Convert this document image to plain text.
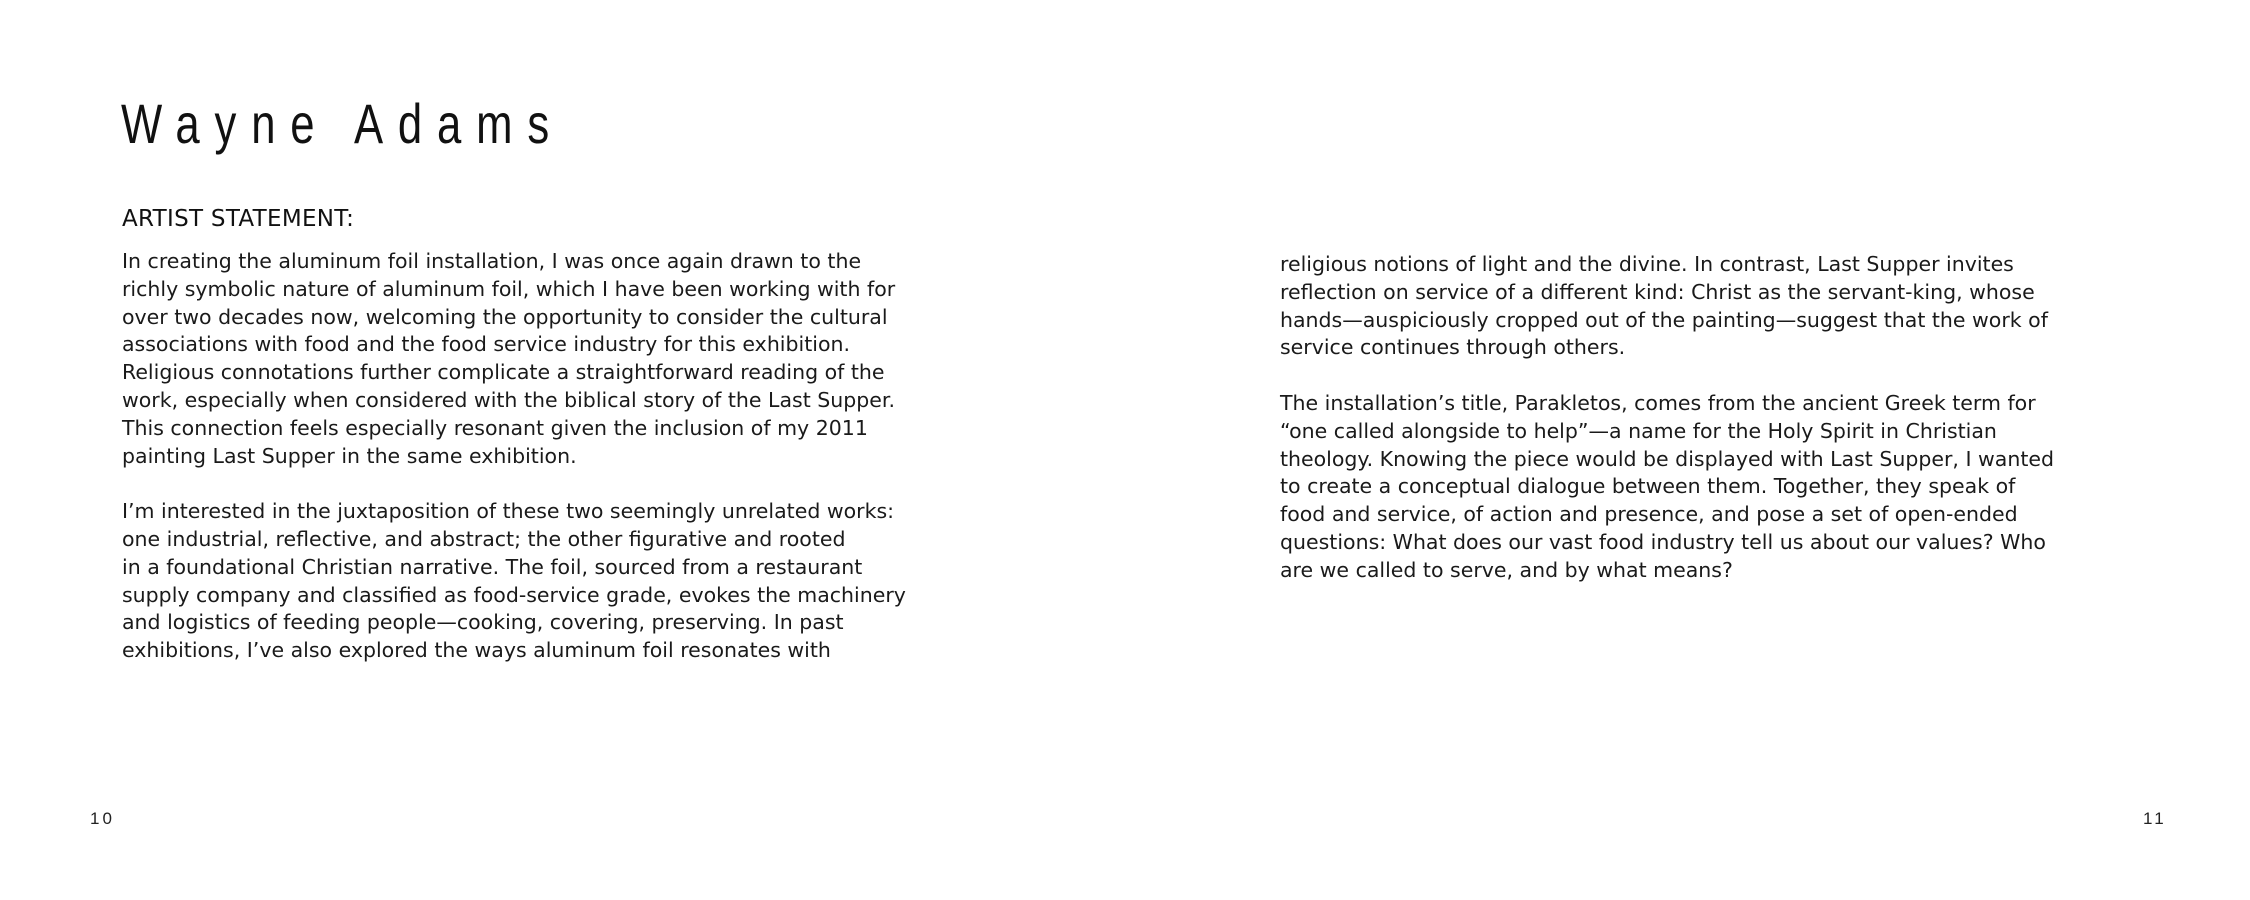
Wayne Adams
ARTIST STATEMENT:

In creating the aluminum foil installation, I was once again drawn to the
richly symbolic nature of aluminum foil, which I have been working with for
over two decades now, welcoming the opportunity to consider the cultural
associations with food and the food service industry for this exhibition.
Religious connotations further complicate a straightforward reading of the
work, especially when considered with the biblical story of the Last Supper.
This connection feels especially resonant given the inclusion of my 2011
painting Last Supper in the same exhibition.

I’m interested in the juxtaposition of these two seemingly unrelated works:
one industrial, reflective, and abstract; the other figurative and rooted
in a foundational Christian narrative. The foil, sourced from a restaurant
supply company and classified as food-service grade, evokes the machinery
and logistics of feeding people—cooking, covering, preserving. In past
exhibitions, I’ve also explored the ways aluminum foil resonates with

10

religious notions of light and the divine. In contrast, Last Supper invites
reflection on service of a different kind: Christ as the servant-king, whose
hands—auspiciously cropped out of the painting—suggest that the work of
service continues through others.

The installation’s title, Parakletos, comes from the ancient Greek term for
“one called alongside to help”—a name for the Holy Spirit in Christian
theology. Knowing the piece would be displayed with Last Supper, I wanted
to create a conceptual dialogue between them. Together, they speak of
food and service, of action and presence, and pose a set of open-ended
questions: What does our vast food industry tell us about our values? Who
are we called to serve, and by what means?

11
